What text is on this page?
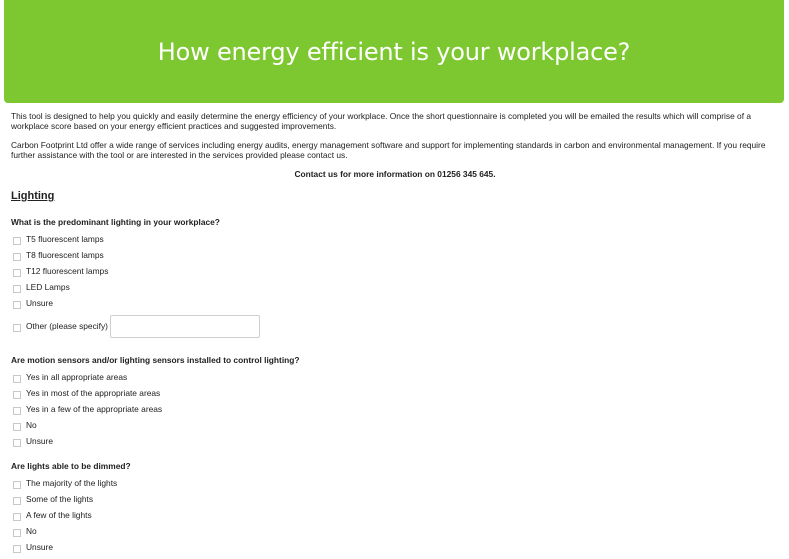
How energy efficient is your workplace?

This tool is designed to help you quickly and easily determine the energy efficiency of your workplace. Once the short questionnaire is completed you will be emailed the results which will comprise of a workplace score based on your energy efficient practices and suggested improvements.

Carbon Footprint Ltd offer a wide range of services including energy audits, energy management software and support for implementing standards in carbon and environmental management. If you require further assistance with the tool or are interested in the services provided please contact us.

Contact us for more information on 01256 345 645.
Lighting
What is the predominant lighting in your workplace?
T5 fluorescent lamps
T8 fluorescent lamps
T12 fluorescent lamps
LED Lamps
Unsure
Other (please specify)
Are motion sensors and/or lighting sensors installed to control lighting?
Yes in all appropriate areas
Yes in most of the appropriate areas
Yes in a few of the appropriate areas
No
Unsure
Are lights able to be dimmed?
The majority of the lights
Some of the lights
A few of the lights
No
Unsure
